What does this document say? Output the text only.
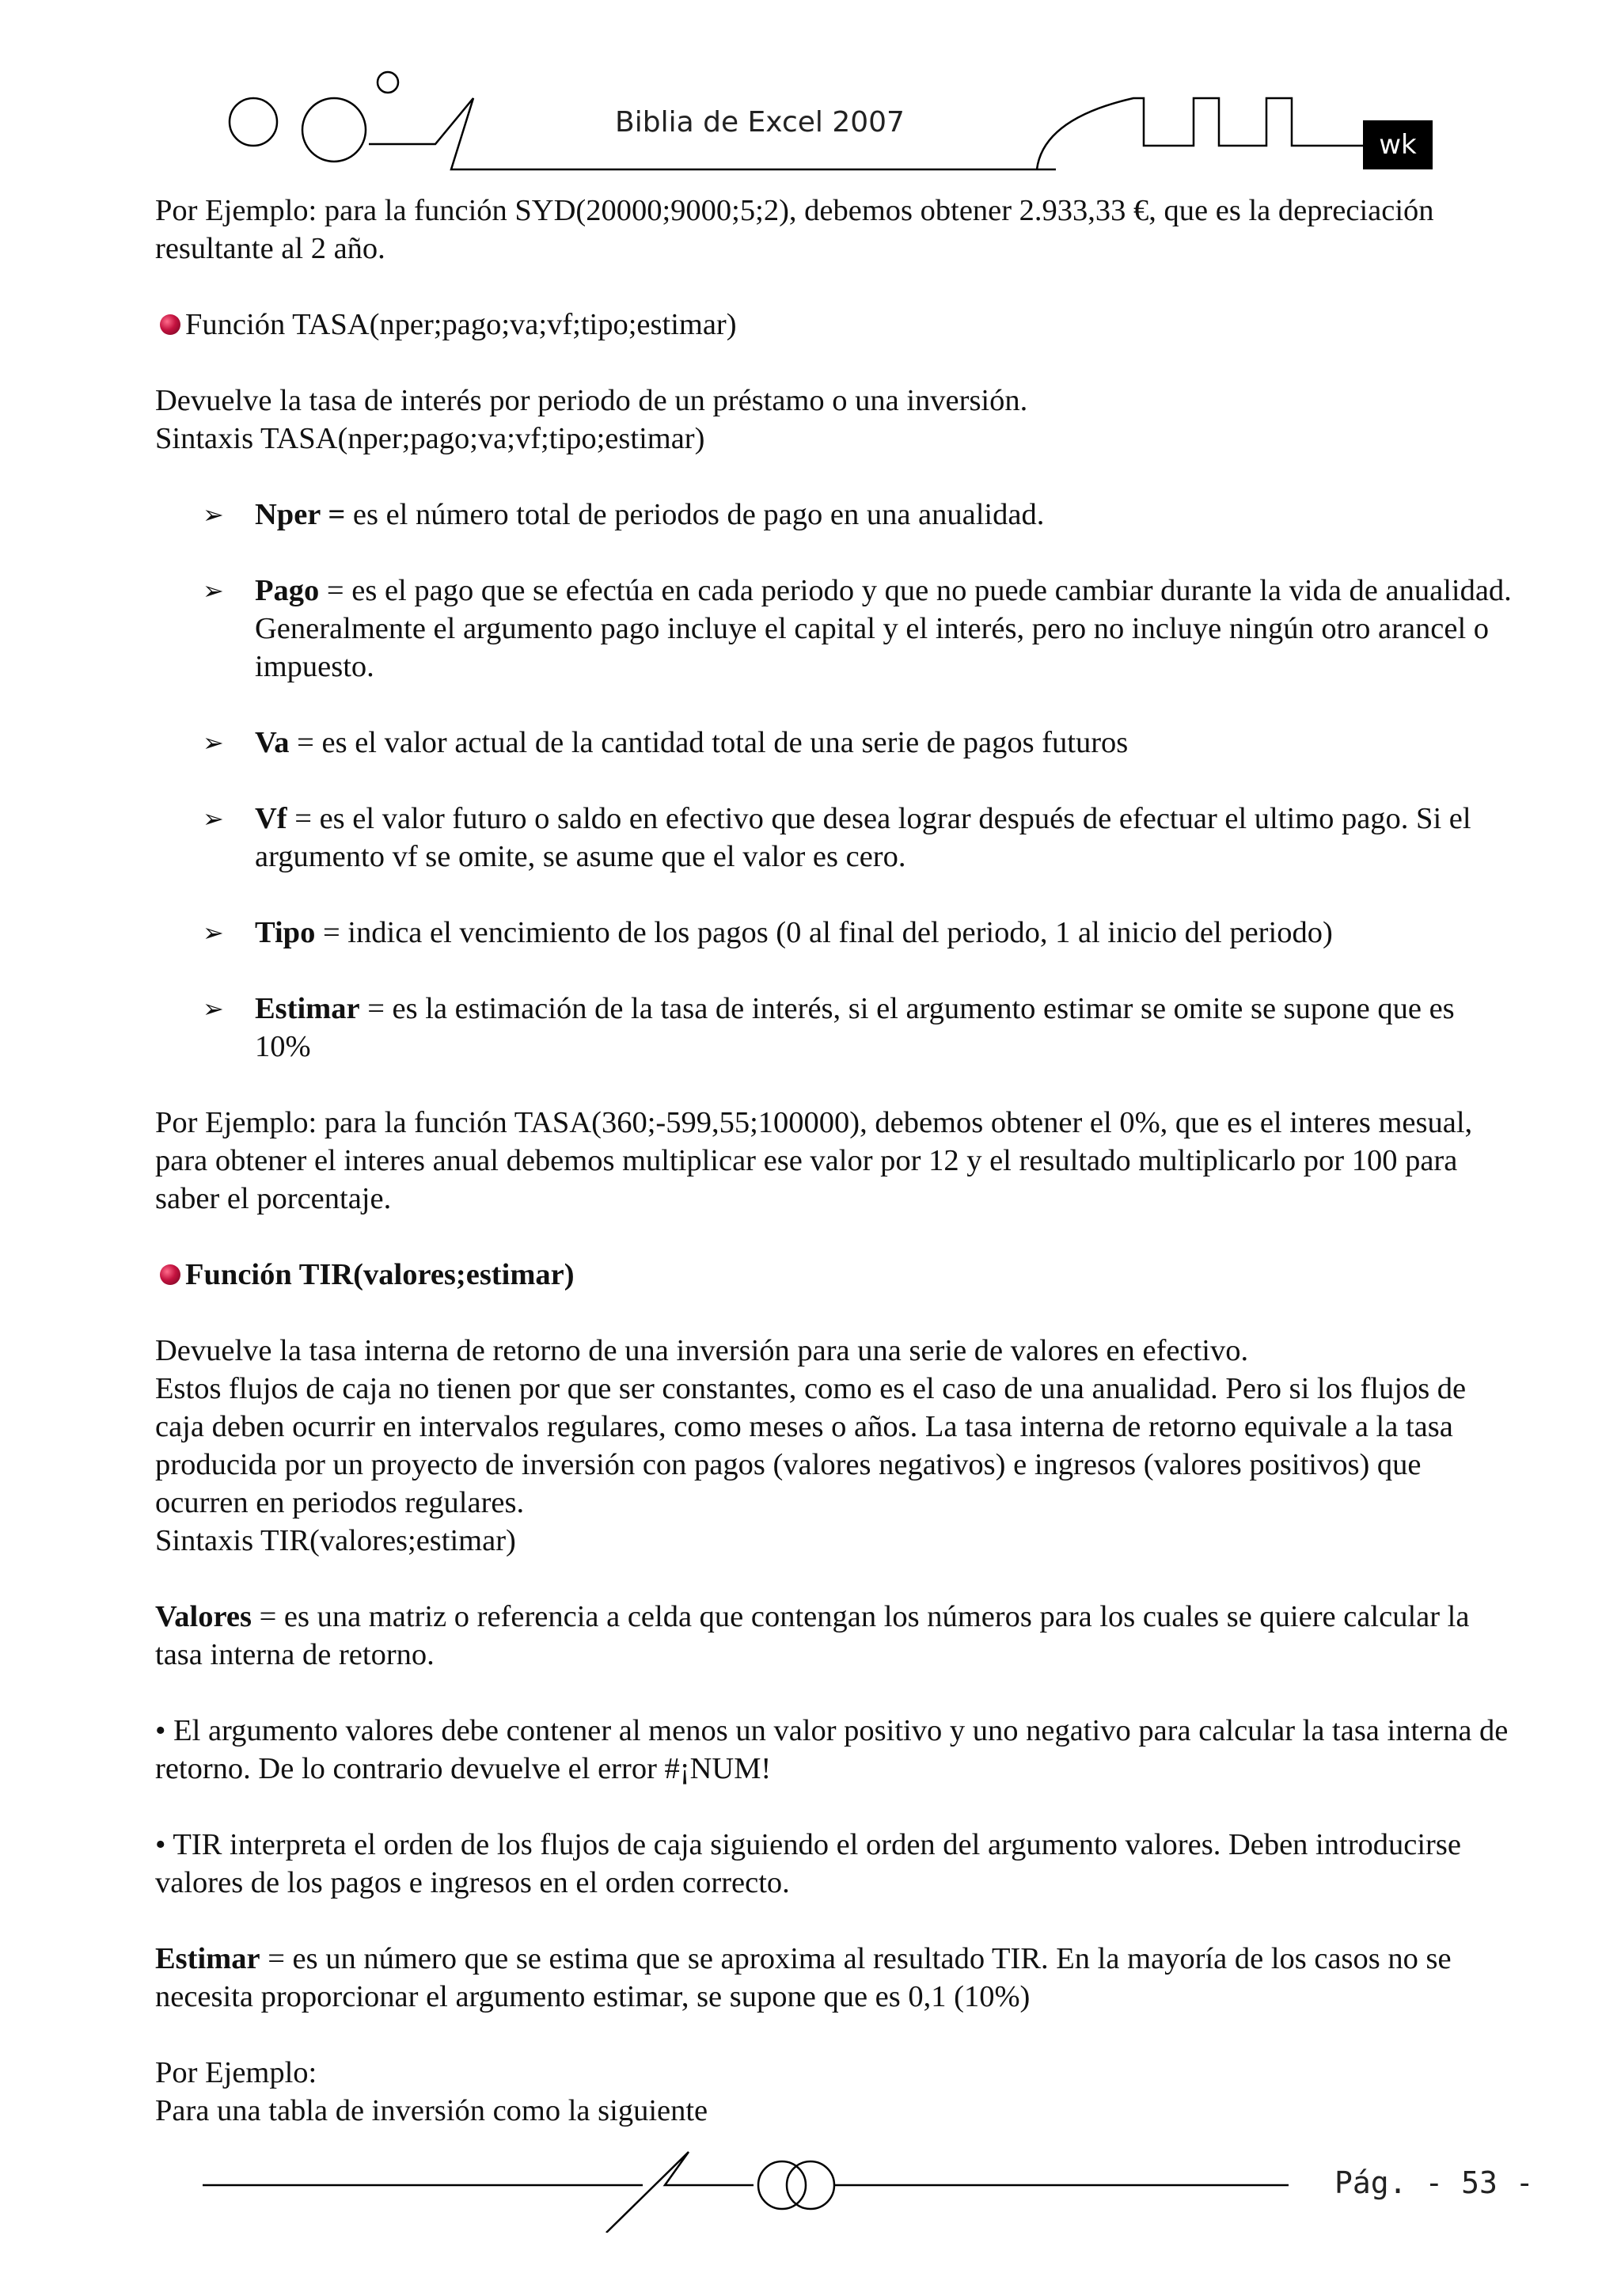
Biblia de Excel 2007
wk

Por Ejemplo: para la función SYD(20000;9000;5;2), debemos obtener 2.933,33 €, que es la depreciación resultante al 2 año.

Función TASA(nper;pago;va;vf;tipo;estimar)

Devuelve la tasa de interés por periodo de un préstamo o una inversión.

Sintaxis TASA(nper;pago;va;vf;tipo;estimar)

➢ Nper = es el número total de periodos de pago en una anualidad.
➢ Pago = es el pago que se efectúa en cada periodo y que no puede cambiar durante la vida de anualidad. Generalmente el argumento pago incluye el capital y el interés, pero no incluye ningún otro arancel o impuesto.
➢ Va = es el valor actual de la cantidad total de una serie de pagos futuros
➢ Vf = es el valor futuro o saldo en efectivo que desea lograr después de efectuar el ultimo pago. Si el argumento vf se omite, se asume que el valor es cero.
➢ Tipo = indica el vencimiento de los pagos (0 al final del periodo, 1 al inicio del periodo)
➢ Estimar = es la estimación de la tasa de interés, si el argumento estimar se omite se supone que es 10%

Por Ejemplo: para la función TASA(360;-599,55;100000), debemos obtener el 0%, que es el interes mesual, para obtener el interes anual debemos multiplicar ese valor por 12 y el resultado multiplicarlo por 100 para saber el porcentaje.

Función TIR(valores;estimar)

Devuelve la tasa interna de retorno de una inversión para una serie de valores en efectivo.

Estos flujos de caja no tienen por que ser constantes, como es el caso de una anualidad. Pero si los flujos de caja deben ocurrir en intervalos regulares, como meses o años. La tasa interna de retorno equivale a la tasa producida por un proyecto de inversión con pagos (valores negativos) e ingresos (valores positivos) que ocurren en periodos regulares.

Sintaxis TIR(valores;estimar)

Valores = es una matriz o referencia a celda que contengan los números para los cuales se quiere calcular la tasa interna de retorno.

• El argumento valores debe contener al menos un valor positivo y uno negativo para calcular la tasa interna de retorno. De lo contrario devuelve el error #¡NUM!

• TIR interpreta el orden de los flujos de caja siguiendo el orden del argumento valores. Deben introducirse valores de los pagos e ingresos en el orden correcto.

Estimar = es un número que se estima que se aproxima al resultado TIR. En la mayoría de los casos no se necesita proporcionar el argumento estimar, se supone que es 0,1 (10%)

Por Ejemplo:

Para una tabla de inversión como la siguiente

Pág. - 53 -
